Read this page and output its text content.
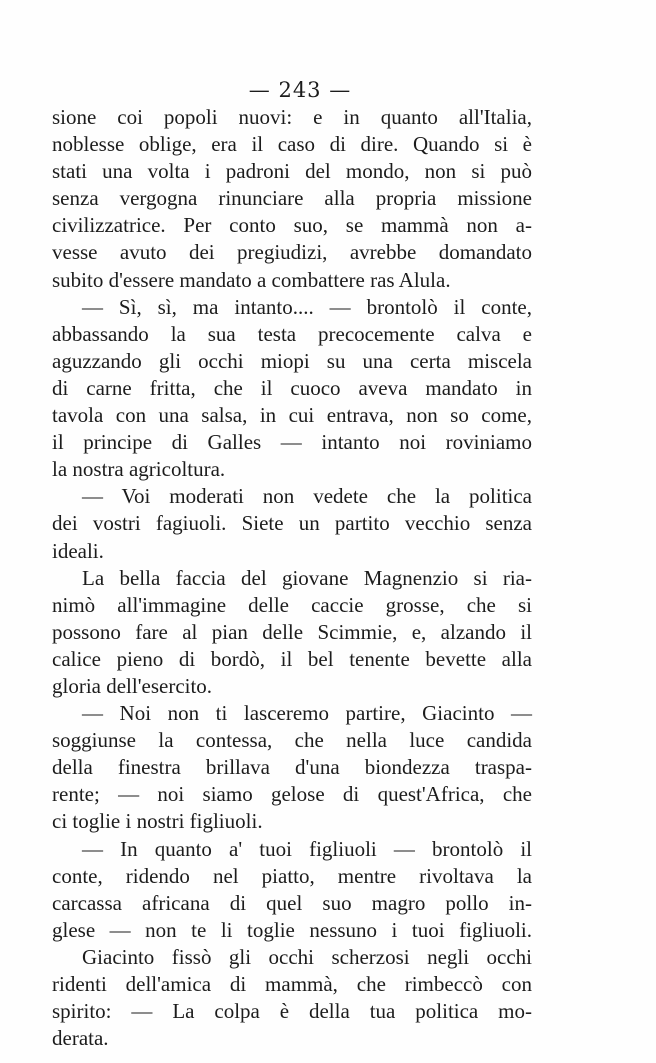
— 243 —
sione coi popoli nuovi: e in quanto all'Italia,
noblesse oblige, era il caso di dire. Quando si è
stati una volta i padroni del mondo, non si può
senza vergogna rinunciare alla propria missione
civilizzatrice. Per conto suo, se mammà non a-
vesse avuto dei pregiudizi, avrebbe domandato
subito d'essere mandato a combattere ras Alula.
— Sì, sì, ma intanto.... — brontolò il conte,
abbassando la sua testa precocemente calva e
aguzzando gli occhi miopi su una certa miscela
di carne fritta, che il cuoco aveva mandato in
tavola con una salsa, in cui entrava, non so come,
il principe di Galles — intanto noi roviniamo
la nostra agricoltura.
— Voi moderati non vedete che la politica
dei vostri fagiuoli. Siete un partito vecchio senza
ideali.
La bella faccia del giovane Magnenzio si ria-
nimò all'immagine delle caccie grosse, che si
possono fare al pian delle Scimmie, e, alzando il
calice pieno di bordò, il bel tenente bevette alla
gloria dell'esercito.
— Noi non ti lasceremo partire, Giacinto —
soggiunse la contessa, che nella luce candida
della finestra brillava d'una biondezza traspa-
rente; — noi siamo gelose di quest'Africa, che
ci toglie i nostri figliuoli.
— In quanto a' tuoi figliuoli — brontolò il
conte, ridendo nel piatto, mentre rivoltava la
carcassa africana di quel suo magro pollo in-
glese — non te li toglie nessuno i tuoi figliuoli.
Giacinto fissò gli occhi scherzosi negli occhi
ridenti dell'amica di mammà, che rimbeccò con
spirito: — La colpa è della tua politica mo-
derata.
